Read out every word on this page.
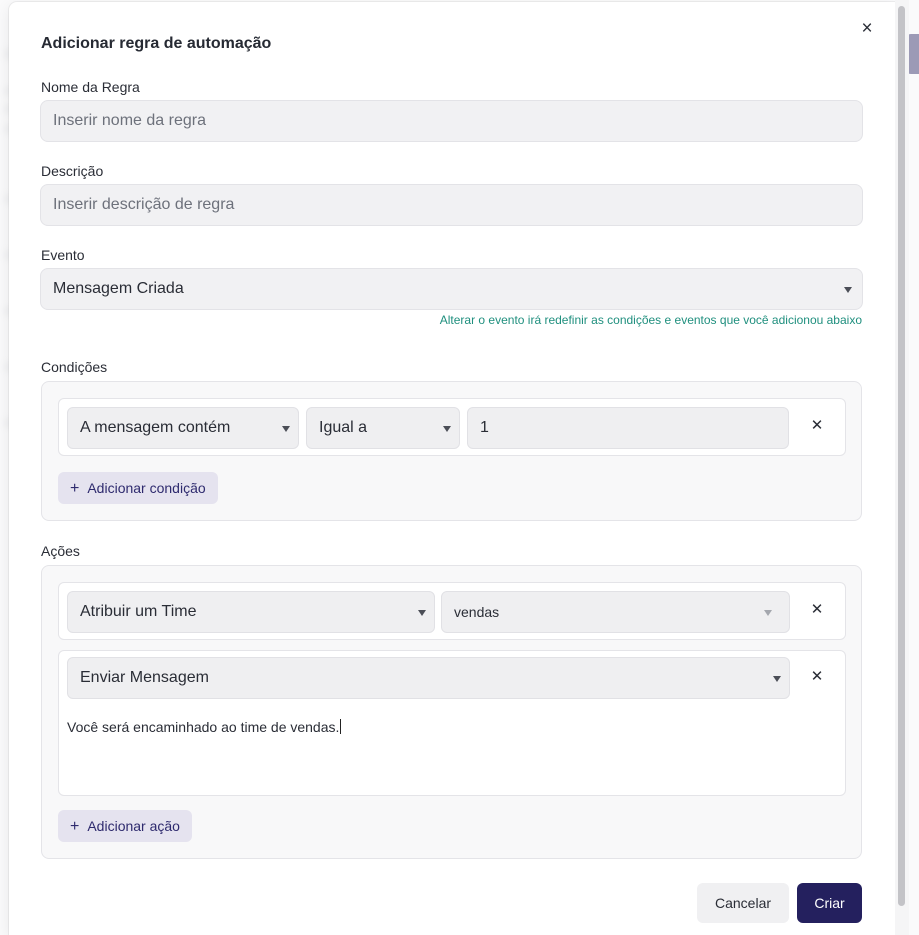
×
Adicionar regra de automação
Nome da Regra
Inserir nome da regra
Descrição
Inserir descrição de regra
Evento
Mensagem Criada
Alterar o evento irá redefinir as condições e eventos que você adicionou abaixo
Condições
A mensagem contém	Igual a	1	✕
+ Adicionar condição
Ações
Atribuir um Time	vendas	✕
Enviar Mensagem	✕
Você será encaminhado ao time de vendas.
+ Adicionar ação
Cancelar	Criar
